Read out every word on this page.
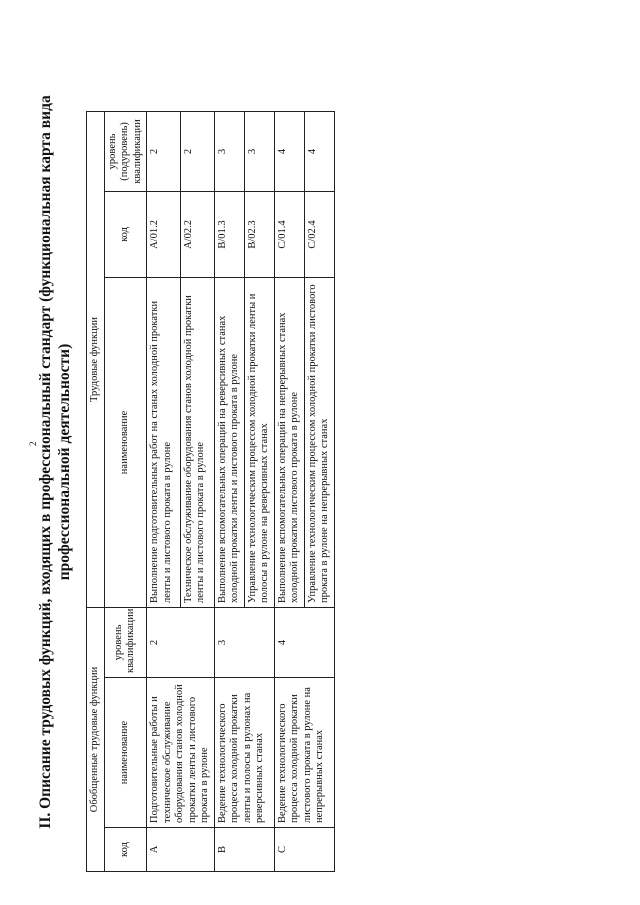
2 II. Описание трудовых функций, входящих в профессиональный стандарт (функциональная карта вида профессиональной деятельности)
Обобщенные трудовые функции			Трудовые функции		
код	наименование	уровень квалификации	наименование	код	уровень (подуровень) квалификации
A	Подготовительные работы и техническое обслуживание оборудования станов холодной прокатки ленты и листового проката в рулоне	2	Выполнение подготовительных работ на станах холодной прокатки ленты и листового проката в рулоне	A/01.2	2
			Техническое обслуживание оборудования станов холодной прокатки ленты и листового проката в рулоне	A/02.2	2
B	Ведение технологического процесса холодной прокатки ленты и полосы в рулонах на реверсивных станах	3	Выполнение вспомогательных операций на реверсивных станах холодной прокатки ленты и листового проката в рулоне	B/01.3	3
			Управление технологическим процессом холодной прокатки ленты и полосы в рулоне на реверсивных станах	B/02.3	3
C	Ведение технологического процесса холодной прокатки листового проката в рулоне на непрерывных станах	4	Выполнение вспомогательных операций на непрерывных станах холодной прокатки листового проката в рулоне	C/01.4	4
			Управление технологическим процессом холодной прокатки листового проката в рулоне на непрерывных станах	C/02.4	4
